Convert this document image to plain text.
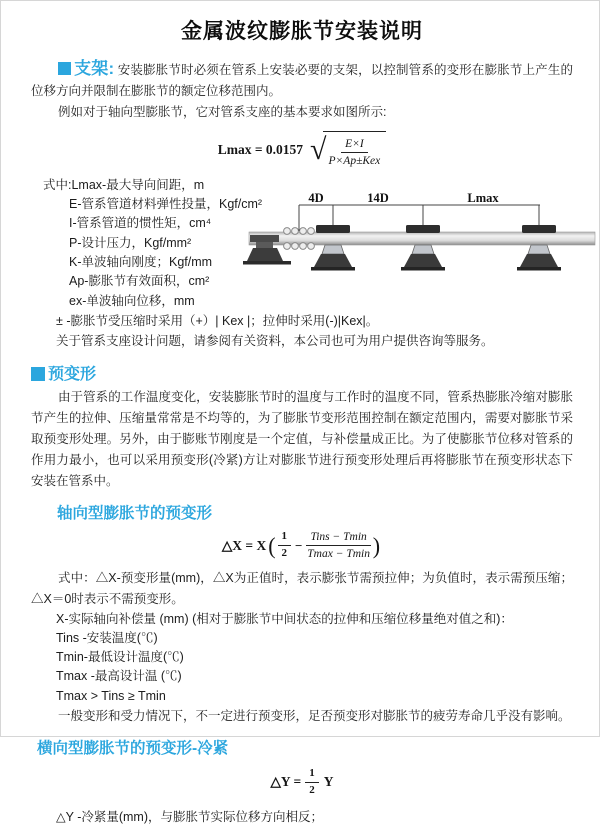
金属波纹膨胀节安装说明

支架: 安装膨胀节时必须在管系上安装必要的支架，以控制管系的变形在膨胀节上产生的位移方向并限制在膨胀节的额定位移范围内。

例如对于轴向型膨胀节，它对管系支座的基本要求如图所示:

Lmax = 0.0157 √ $\frac{E\times I}{\text{P×Ap±Kex}}$
式中:Lmax-最大导向间距，m
E-管系管道材料弹性投量，Kgf/cm²
I-管系管道的惯性矩，cm⁴
P-设计压力，Kgf/mm²
K-单波轴向刚度；Kgf/mm
Ap-膨胀节有效面积，cm²
ex-单波轴向位移，mm
± -膨胀节受压缩时采用（+）| Kex |；拉伸时采用(-)|Kex|。
关于管系支座设计问题，请参阅有关资料，本公司也可为用户提供咨询等服务。
4D	14D	Lmax
预变形

由于管系的工作温度变化，安装膨胀节时的温度与工作时的温度不同，管系热膨胀冷缩对膨胀节产生的拉伸、压缩量常常是不均等的，为了膨胀节变形范围控制在额定范围内，需要对膨胀节采取预变形处理。另外，由于膨账节刚度是一个定值，与补偿量成正比。为了使膨胀节位移对管系的作用力最小，也可以采用预变形(冷紧)方让对膨胀节进行预变形处理后再将膨胀节在预变形状态下安装在管系中。

轴向型膨胀节的预变形
△X = X ( $\frac{1}{2} - \frac{\text{Tins − Tmin}}{Tmax - Tmin}$ )

式中：△X-预变形量(mm)，△X为正值时，表示膨张节需预拉伸；为负值时，表示需预压缩；△X＝0时表示不需预变形。

X-实际轴向补偿量 (mm) (相对于膨胀节中间状态的拉伸和压缩位移量绝对值之和)：
Tins -安装温度(℃)
Tmin-最低设计温度(℃)
Tmax -最高设计温 (℃)
Tmax > Tins ≥ Tmin

一般变形和受力情况下，不一定进行预变形，足否预变形对膨胀节的疲劳寿命几乎没有影响。

横向型膨胀节的预变形-冷紧
△Y = $\frac{1}{2}$ Y
△Y -冷紧量(mm)，与膨胀节实际位移方向相反；
